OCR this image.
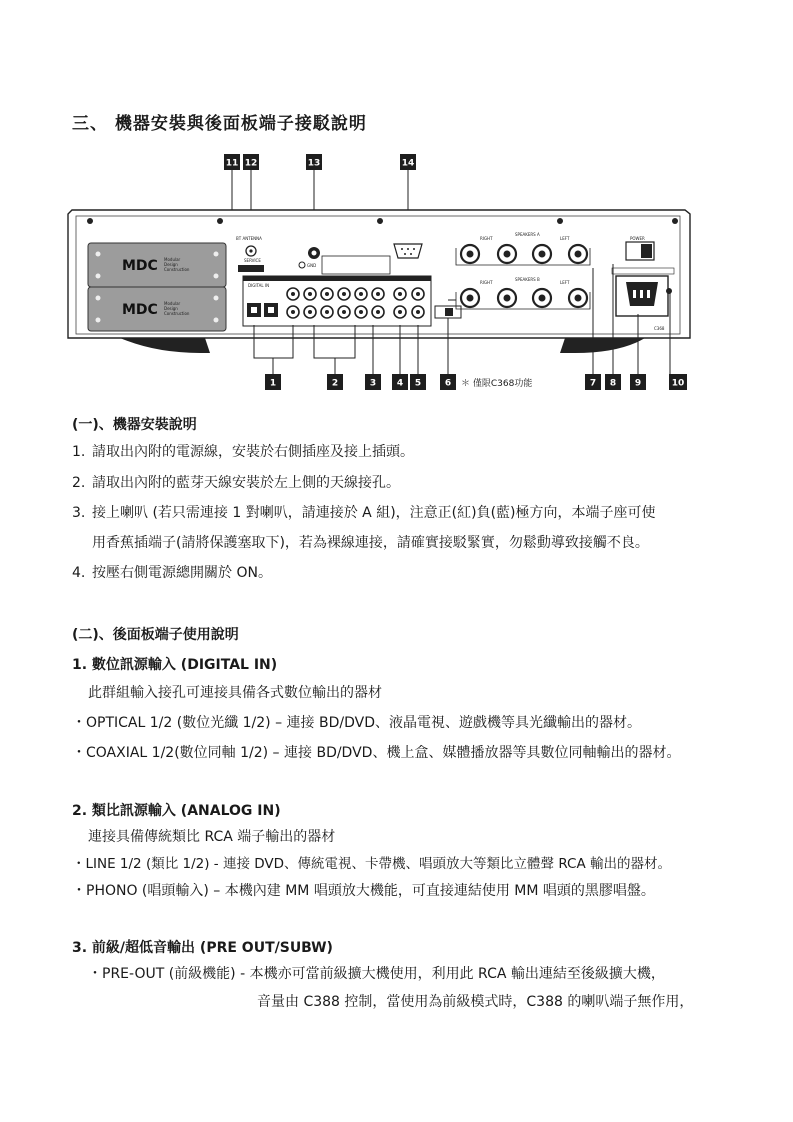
三、 機器安裝與後面板端子接駁說明
11 12	13	14
MDC Modular
Design
Construction
MDC Modular
Design
Construction
BT ANTENNA
SERVICE
GND
DIGITAL IN
RIGHT
SPEAKERS A
LEFT
RIGHT
SPEAKERS B
LEFT
POWER
C368
1	2	3 4 5	6 ＊ 僅限C368功能	7 8 9	10
(一)、機器安裝說明
1. 請取出內附的電源線，安裝於右側插座及接上插頭。
2. 請取出內附的藍芽天線安裝於左上側的天線接孔。
3. 接上喇叭 (若只需連接 1 對喇叭，請連接於 A 組)，注意正(紅)負(藍)極方向，本端子座可使
用香蕉插端子(請將保護塞取下)，若為裸線連接，請確實接駁緊實，勿鬆動導致接觸不良。
4. 按壓右側電源總開關於 ON。
(二)、後面板端子使用說明
1. 數位訊源輸入 (DIGITAL IN)
此群組輸入接孔可連接具備各式數位輸出的器材
・OPTICAL 1/2 (數位光纖 1/2) – 連接 BD/DVD、液晶電視、遊戲機等具光纖輸出的器材。
・COAXIAL 1/2(數位同軸 1/2) – 連接 BD/DVD、機上盒、媒體播放器等具數位同軸輸出的器材。
2. 類比訊源輸入 (ANALOG IN)
連接具備傳統類比 RCA 端子輸出的器材
・LINE 1/2 (類比 1/2) - 連接 DVD、傳統電視、卡帶機、唱頭放大等類比立體聲 RCA 輸出的器材。
・PHONO (唱頭輸入) – 本機內建 MM 唱頭放大機能，可直接連結使用 MM 唱頭的黑膠唱盤。
3. 前級/超低音輸出 (PRE OUT/SUBW)
・PRE-OUT (前級機能) - 本機亦可當前級擴大機使用，利用此 RCA 輸出連結至後級擴大機，
音量由 C388 控制，當使用為前級模式時，C388 的喇叭端子無作用，
